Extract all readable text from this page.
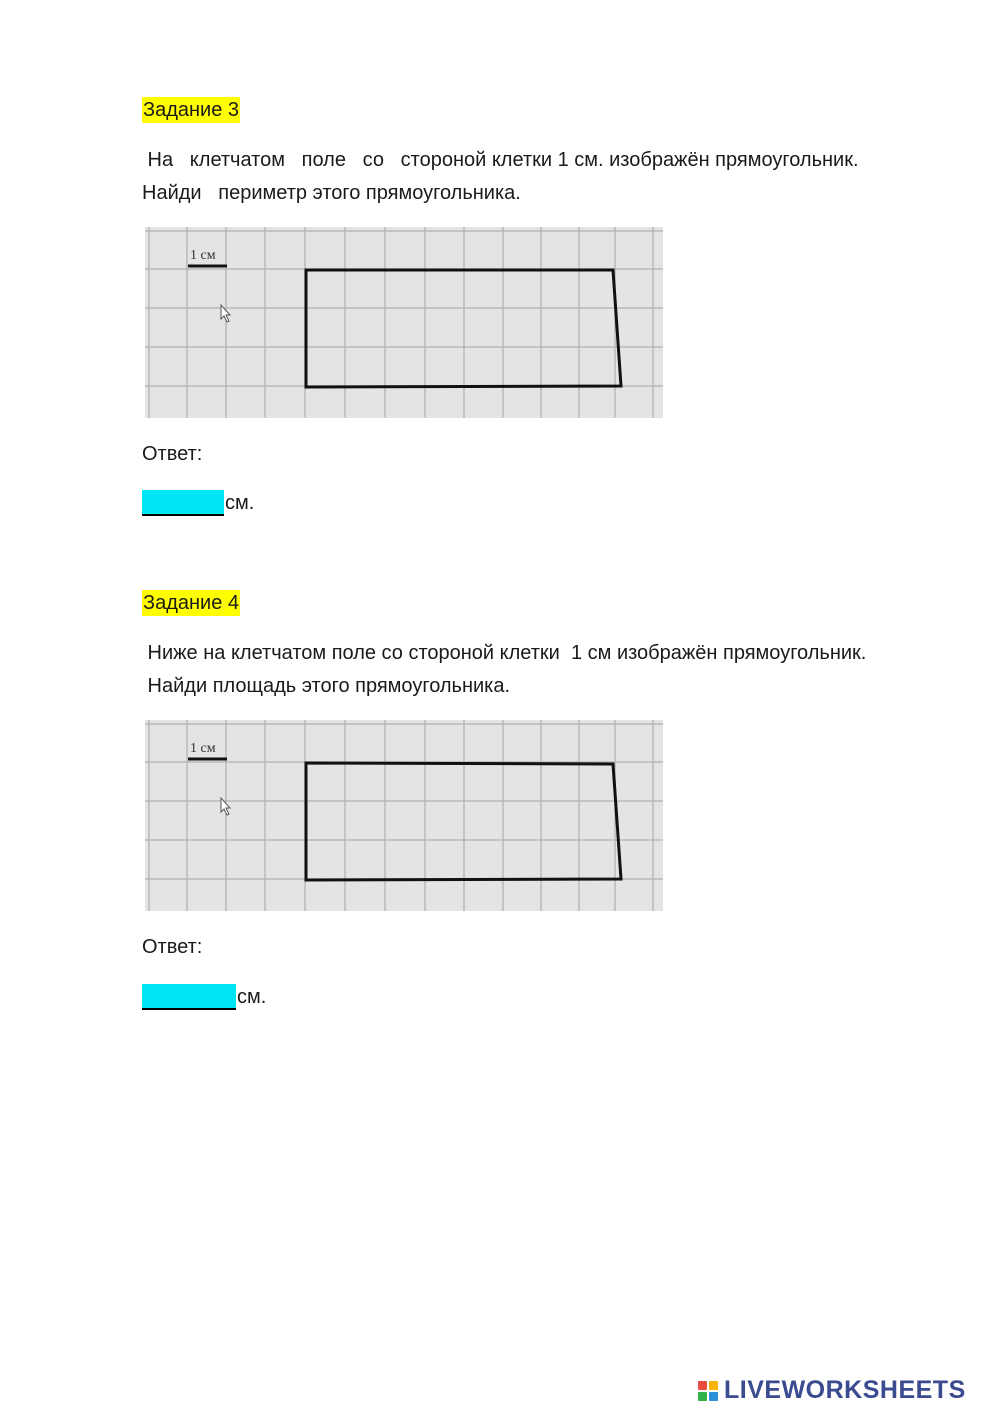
Задание 3

На   клетчатом   поле   со   стороной клетки 1 см. изображён прямоугольник.

Найди   периметр этого прямоугольника.

1 см
Ответ:
см.
Задание 4

Ниже на клетчатом поле со стороной клетки  1 см изображён прямоугольник.

Найди площадь этого прямоугольника.

1 см
Ответ:
см.
LIVEWORKSHEETS
